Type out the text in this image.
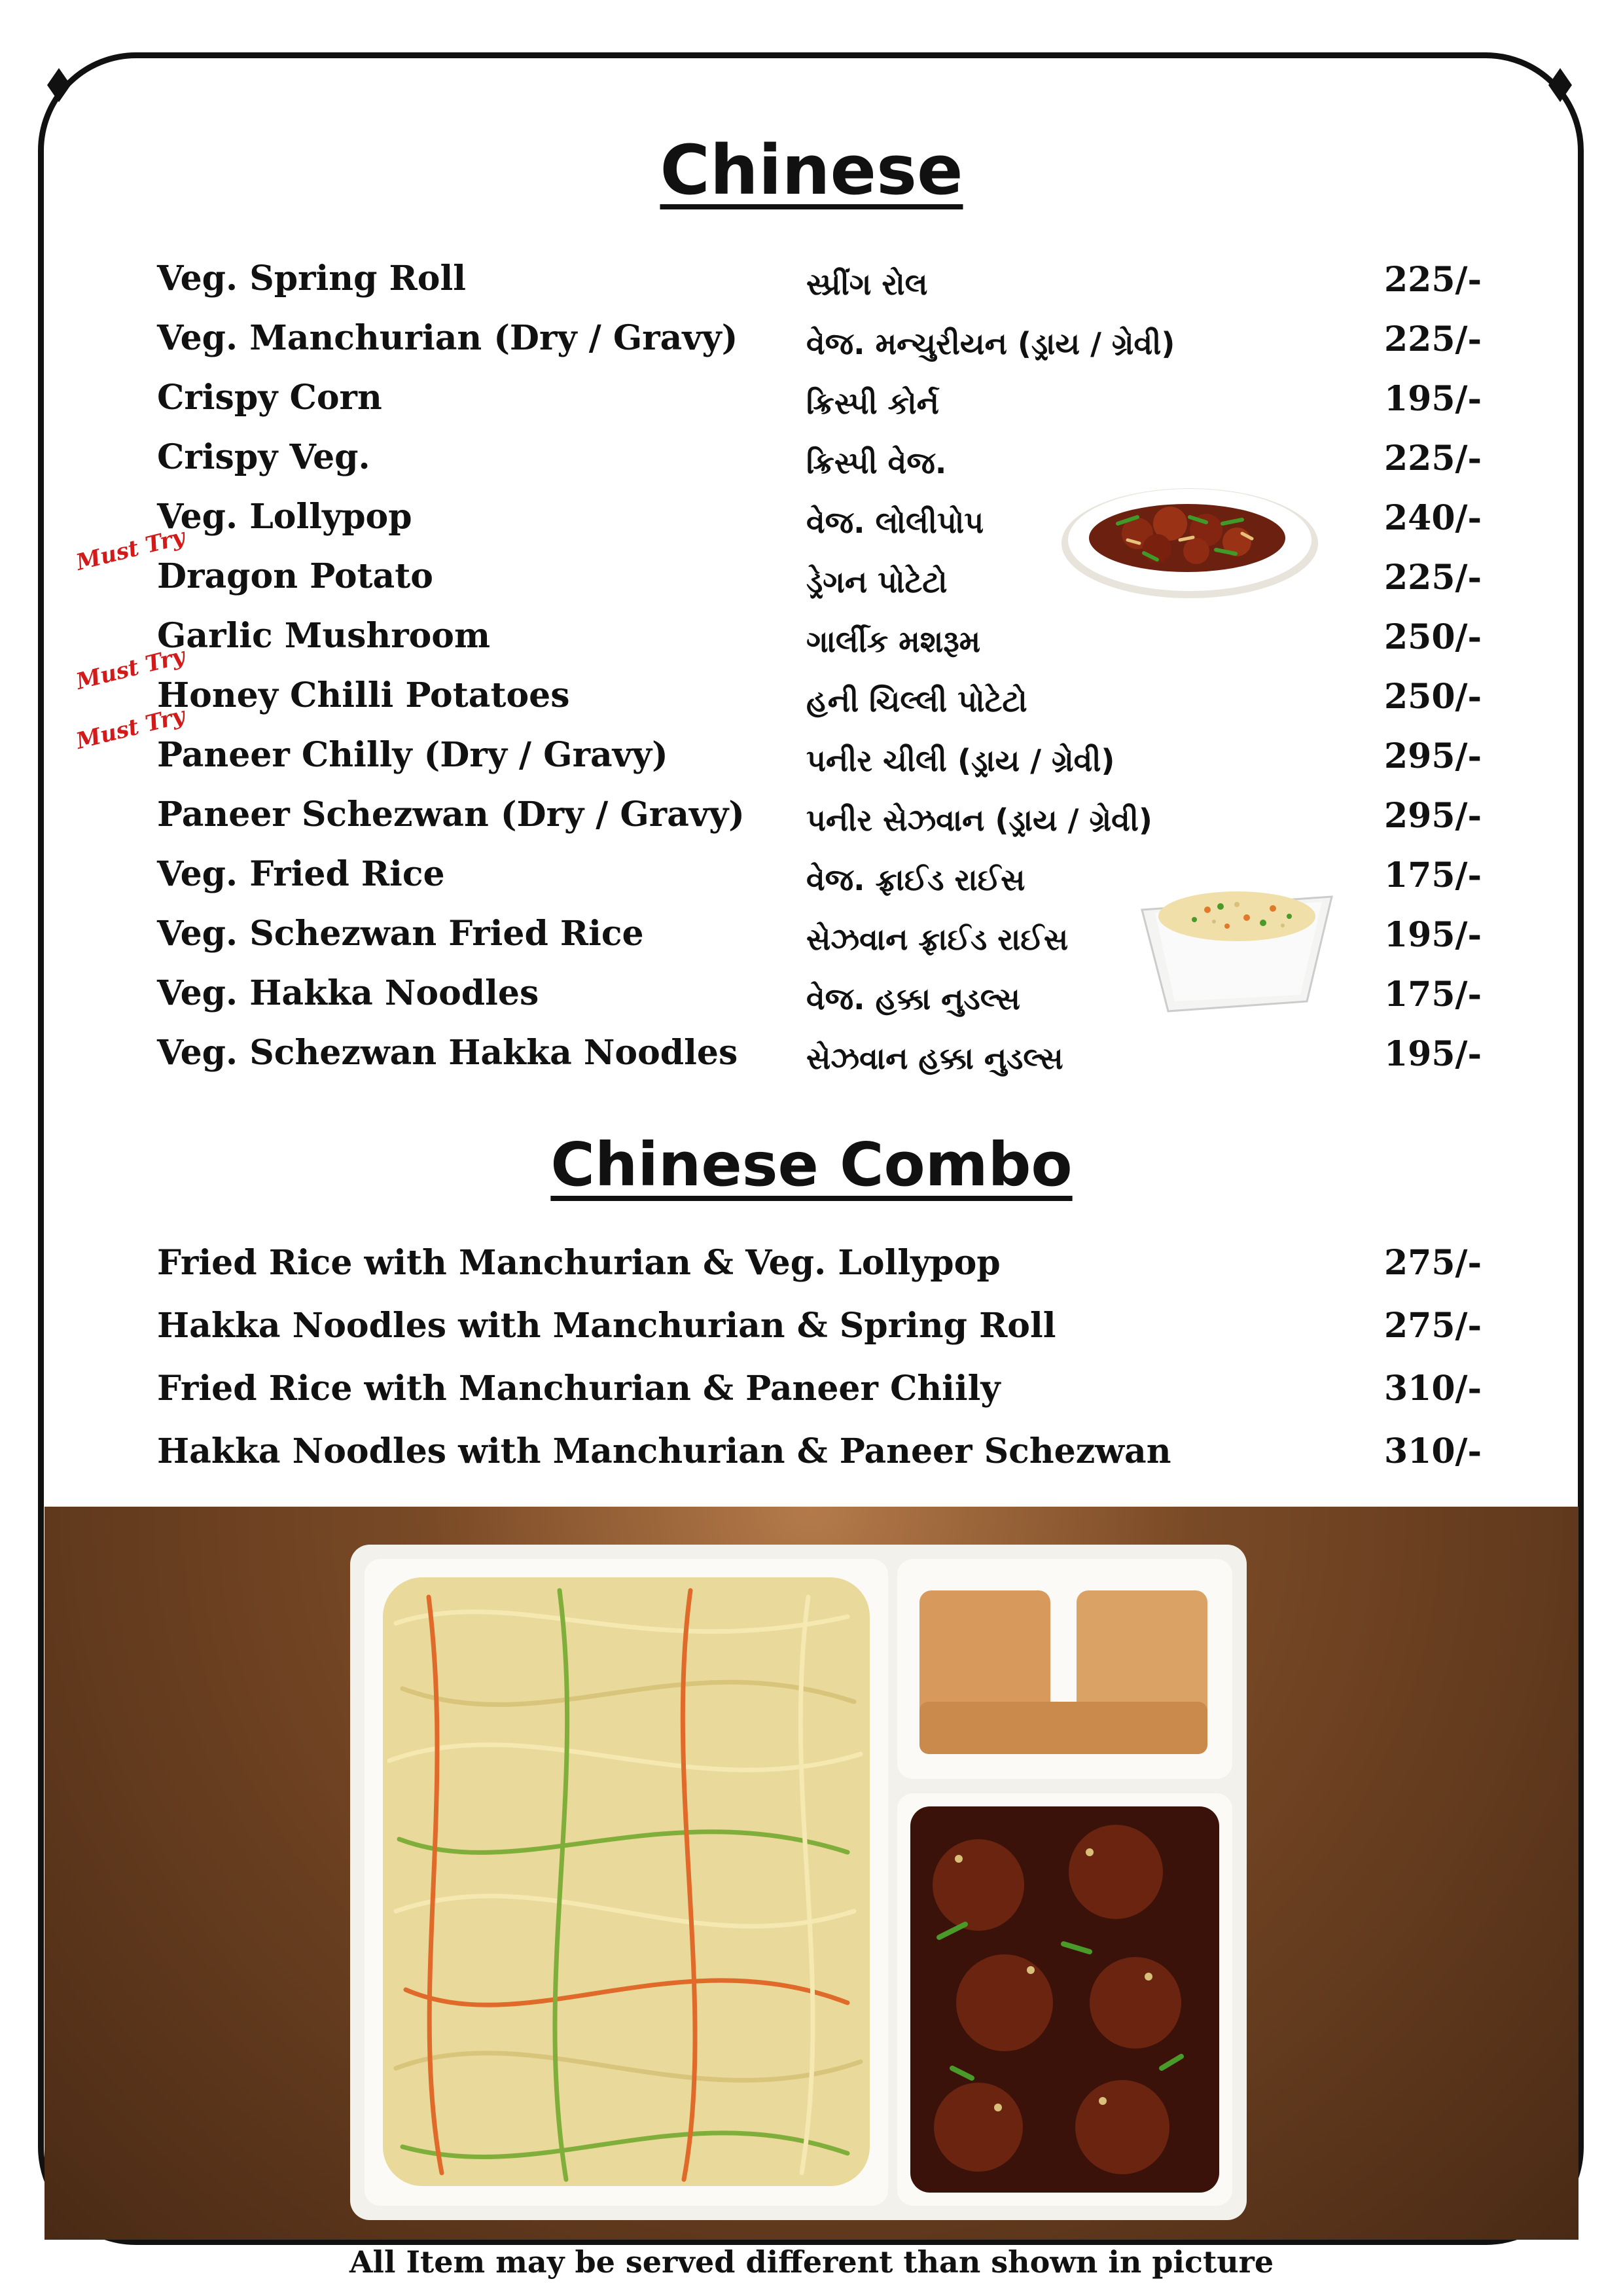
Chinese
Veg. Spring Roll	સ્પ્રીંગ રોલ	225/-
Veg. Manchurian (Dry / Gravy) વેજ. મન્ચુરીયન (ડ્રાય / ગ્રેવી)	225/-
Crispy Corn	ક્રિસ્પી કોર્ન	195/-
Crispy Veg.	ક્રિસ્પી વેજ.	225/-
Veg. Lollypop	વેજ. લોલીપોપ	240/-
Must Try
Dragon Potato	ડ્રેગન પોટેટો	225/-
Garlic Mushroom	ગાર્લીક મશરૂમ	250/-
Must Try
Honey Chilli Potatoes	હની ચિલ્લી પોટેટો	250/-
Must Try
Paneer Chilly (Dry / Gravy)	પનીર ચીલી (ડ્રાય / ગ્રેવી)	295/-
Paneer Schezwan (Dry / Gravy) પનીર સેઝવાન (ડ્રાય / ગ્રેવી)	295/-
Veg. Fried Rice	વેજ. ફ્રાઈડ રાઈસ	175/-
Veg. Schezwan Fried Rice	સેઝવાન ફ્રાઈડ રાઈસ	195/-
Veg. Hakka Noodles	વેજ. હક્કા નુડલ્સ	175/-
Veg. Schezwan Hakka Noodles સેઝવાન હક્કા નુડલ્સ	195/-
Chinese Combo
Fried Rice with Manchurian & Veg. Lollypop	275/-
Hakka Noodles with Manchurian & Spring Roll	275/-
Fried Rice with Manchurian & Paneer Chiily	310/-
Hakka Noodles with Manchurian & Paneer Schezwan	310/-
All Item may be served different than shown in picture
